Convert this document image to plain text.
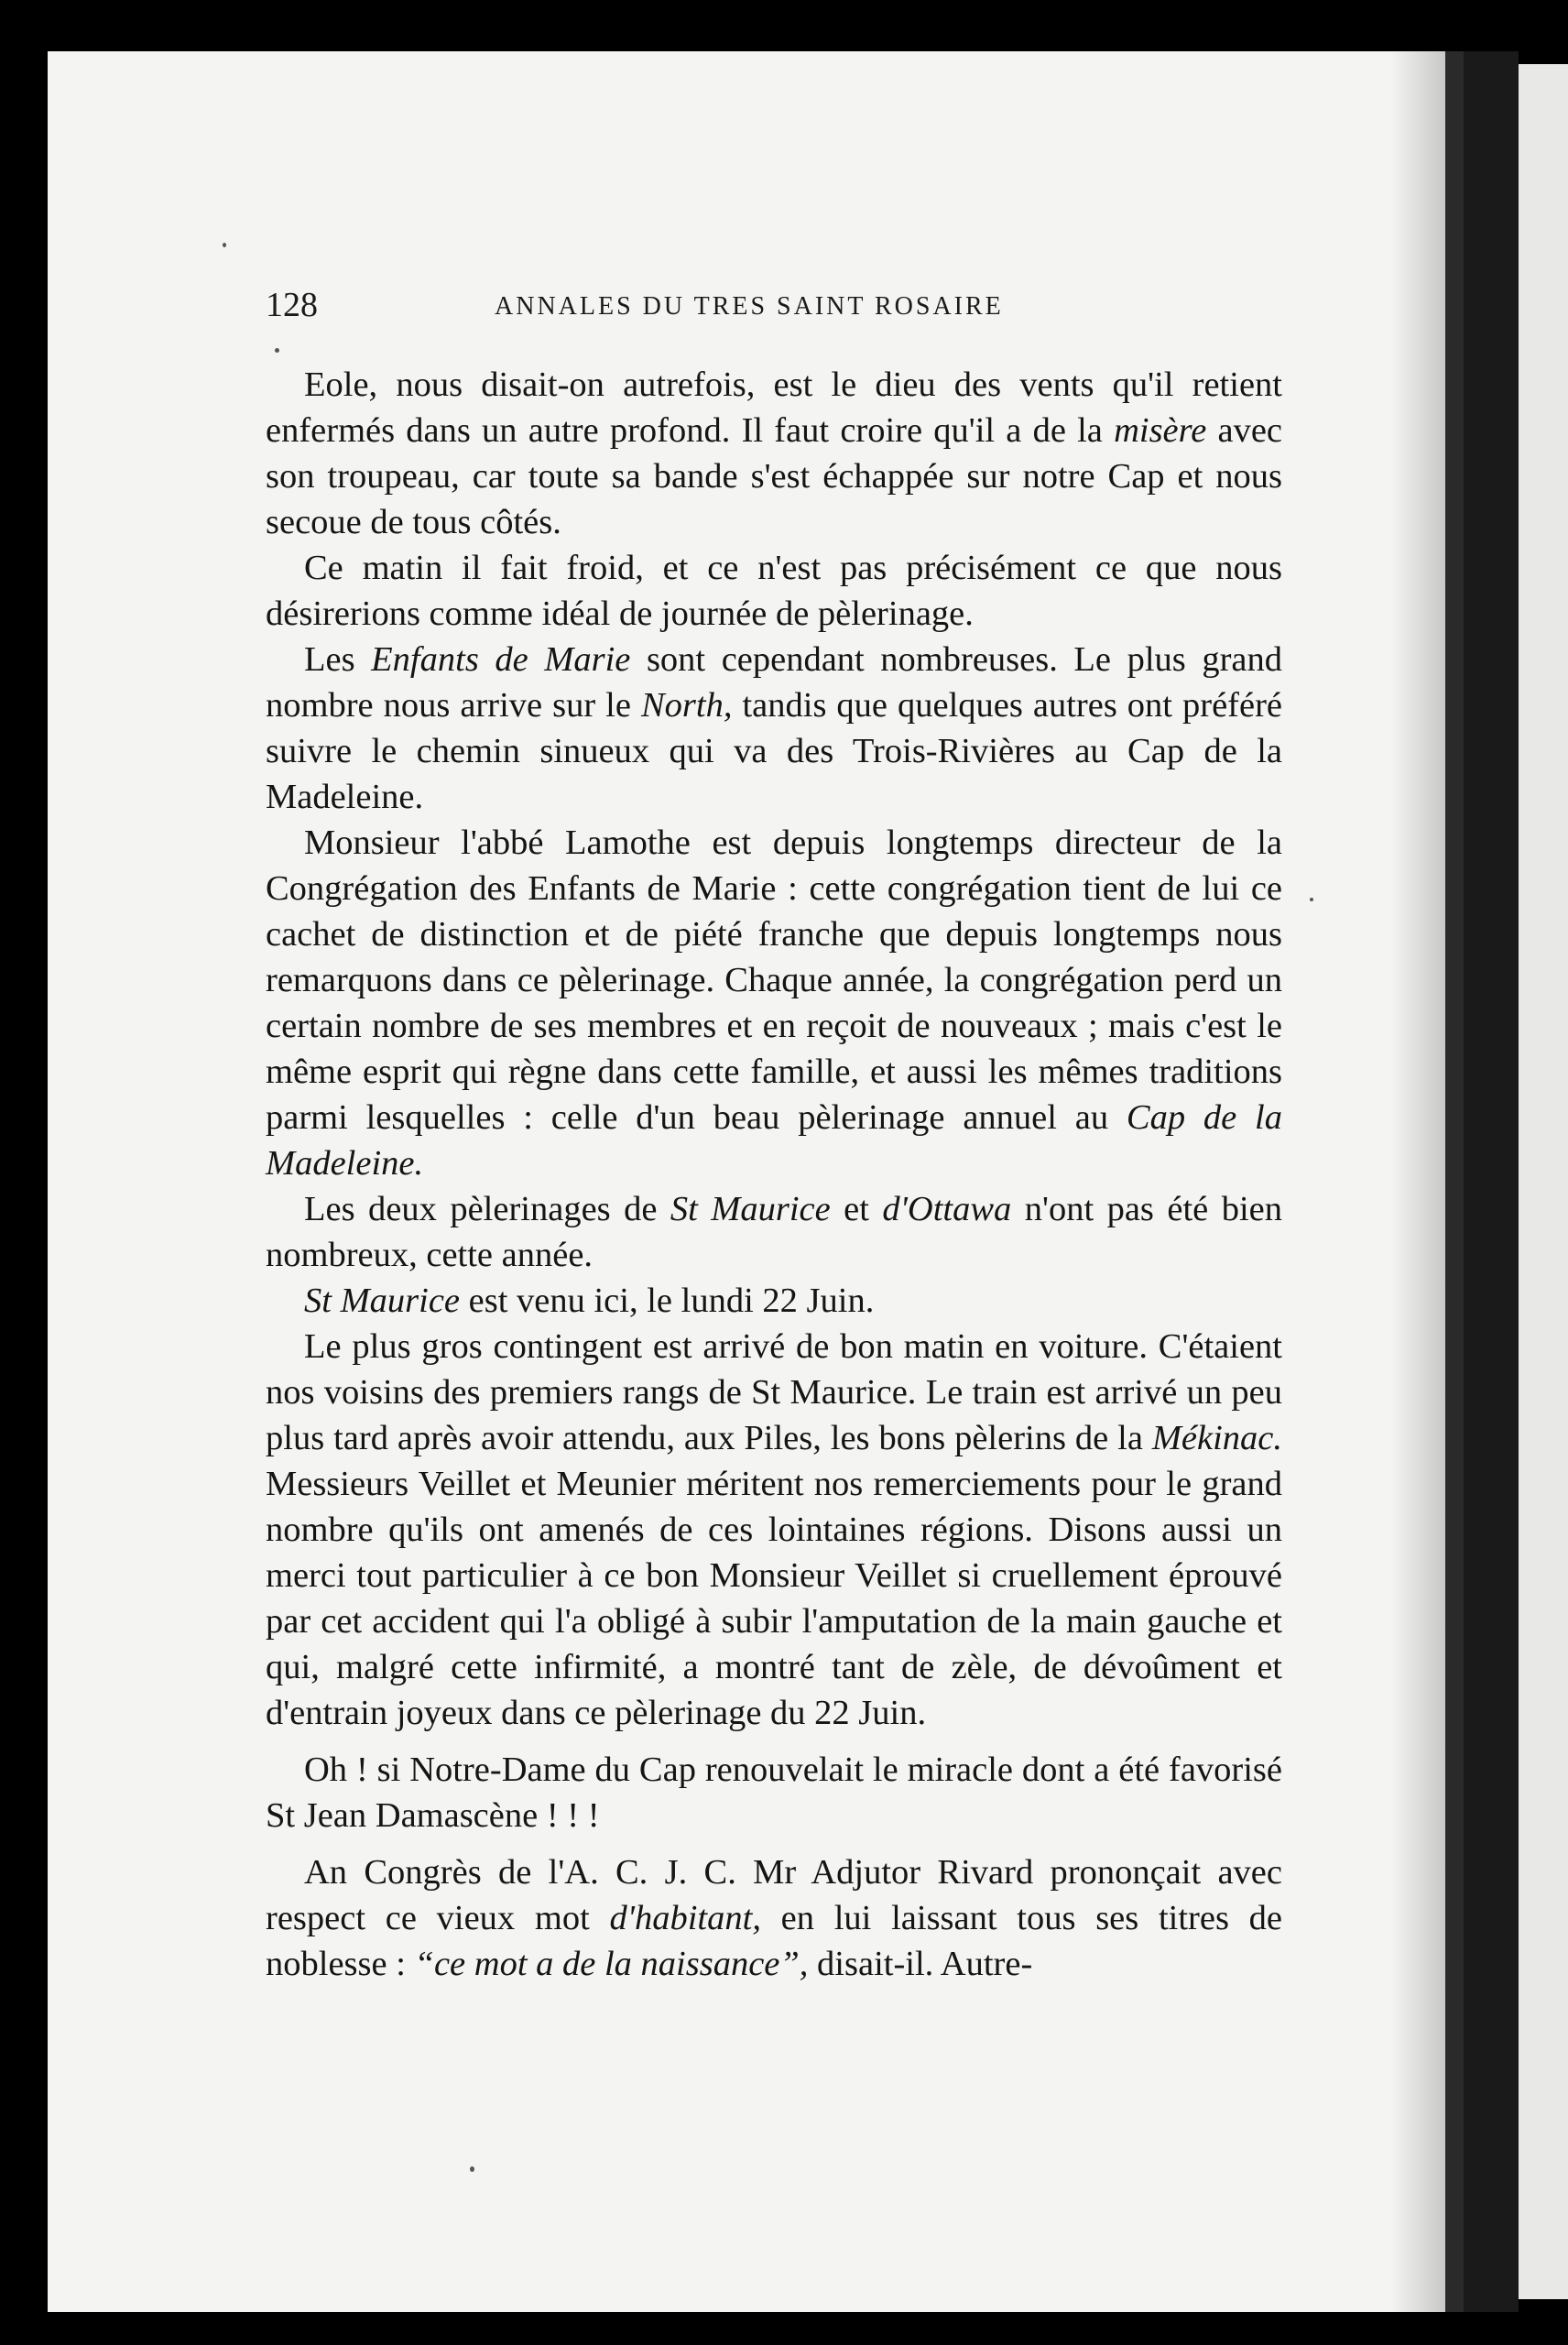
128	ANNALES DU TRES SAINT ROSAIRE

Eole, nous disait-on autrefois, est le dieu des vents qu'il retient enfermés dans un autre profond. Il faut croire qu'il a de la misère avec son troupeau, car toute sa bande s'est échappée sur notre Cap et nous secoue de tous côtés.

Ce matin il fait froid, et ce n'est pas précisément ce que nous désirerions comme idéal de journée de pèlerinage.

Les Enfants de Marie sont cependant nombreuses. Le plus grand nombre nous arrive sur le North, tandis que quelques autres ont préféré suivre le chemin sinueux qui va des Trois-Rivières au Cap de la Madeleine.

Monsieur l'abbé Lamothe est depuis longtemps directeur de la Congrégation des Enfants de Marie : cette congrégation tient de lui ce cachet de distinction et de piété franche que depuis longtemps nous remarquons dans ce pèlerinage. Chaque année, la congrégation perd un certain nombre de ses membres et en reçoit de nouveaux ; mais c'est le même esprit qui règne dans cette famille, et aussi les mêmes traditions parmi lesquelles : celle d'un beau pèlerinage annuel au Cap de la Madeleine.

Les deux pèlerinages de St Maurice et d'Ottawa n'ont pas été bien nombreux, cette année.

St Maurice est venu ici, le lundi 22 Juin.

Le plus gros contingent est arrivé de bon matin en voiture. C'étaient nos voisins des premiers rangs de St Maurice. Le train est arrivé un peu plus tard après avoir attendu, aux Piles, les bons pèlerins de la Mékinac. Messieurs Veillet et Meunier méritent nos remerciements pour le grand nombre qu'ils ont amenés de ces lointaines régions. Disons aussi un merci tout particulier à ce bon Monsieur Veillet si cruellement éprouvé par cet accident qui l'a obligé à subir l'amputation de la main gauche et qui, malgré cette infirmité, a montré tant de zèle, de dévoûment et d'entrain joyeux dans ce pèlerinage du 22 Juin.

Oh ! si Notre-Dame du Cap renouvelait le miracle dont a été favorisé St Jean Damascène ! ! !

An Congrès de l'A. C. J. C. Mr Adjutor Rivard prononçait avec respect ce vieux mot d'habitant, en lui laissant tous ses titres de noblesse : “ce mot a de la naissance”, disait-il. Autre-
